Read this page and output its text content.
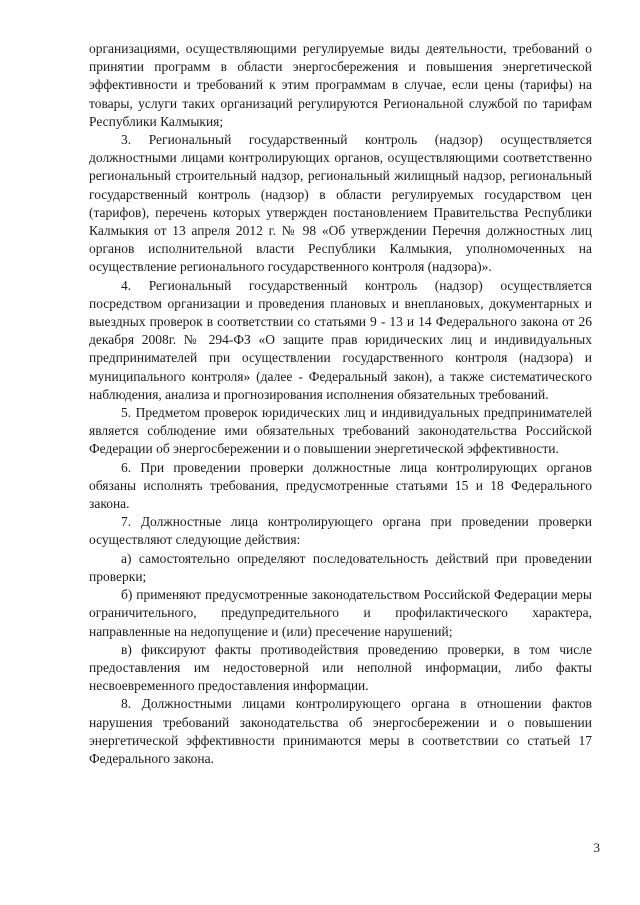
организациями, осуществляющими регулируемые виды деятельности, требований о принятии программ в области энергосбережения и повышения энергетической эффективности и требований к этим программам в случае, если цены (тарифы) на товары, услуги таких организаций регулируются Региональной службой по тарифам Республики Калмыкия;

3. Региональный государственный контроль (надзор) осуществляется должностными лицами контролирующих органов, осуществляющими соответственно региональный строительный надзор, региональный жилищный надзор, региональный государственный контроль (надзор) в области регулируемых государством цен (тарифов), перечень которых утвержден постановлением Правительства Республики Калмыкия от 13 апреля 2012 г. № 98 «Об утверждении Перечня должностных лиц органов исполнительной власти Республики Калмыкия, уполномоченных на осуществление регионального государственного контроля (надзора)».

4. Региональный государственный контроль (надзор) осуществляется посредством организации и проведения плановых и внеплановых, документарных и выездных проверок в соответствии со статьями 9 - 13 и 14 Федерального закона от 26 декабря 2008г. № 294-ФЗ «О защите прав юридических лиц и индивидуальных предпринимателей при осуществлении государственного контроля (надзора) и муниципального контроля» (далее - Федеральный закон), а также систематического наблюдения, анализа и прогнозирования исполнения обязательных требований.

5. Предметом проверок юридических лиц и индивидуальных предпринимателей является соблюдение ими обязательных требований законодательства Российской Федерации об энергосбережении и о повышении энергетической эффективности.

6. При проведении проверки должностные лица контролирующих органов обязаны исполнять требования, предусмотренные статьями 15 и 18 Федерального закона.

7. Должностные лица контролирующего органа при проведении проверки осуществляют следующие действия:

а) самостоятельно определяют последовательность действий при проведении проверки;

б) применяют предусмотренные законодательством Российской Федерации меры ограничительного, предупредительного и профилактического характера, направленные на недопущение и (или) пресечение нарушений;

в) фиксируют факты противодействия проведению проверки, в том числе предоставления им недостоверной или неполной информации, либо факты несвоевременного предоставления информации.

8. Должностными лицами контролирующего органа в отношении фактов нарушения требований законодательства об энергосбережении и о повышении энергетической эффективности принимаются меры в соответствии со статьей 17 Федерального закона.

3
